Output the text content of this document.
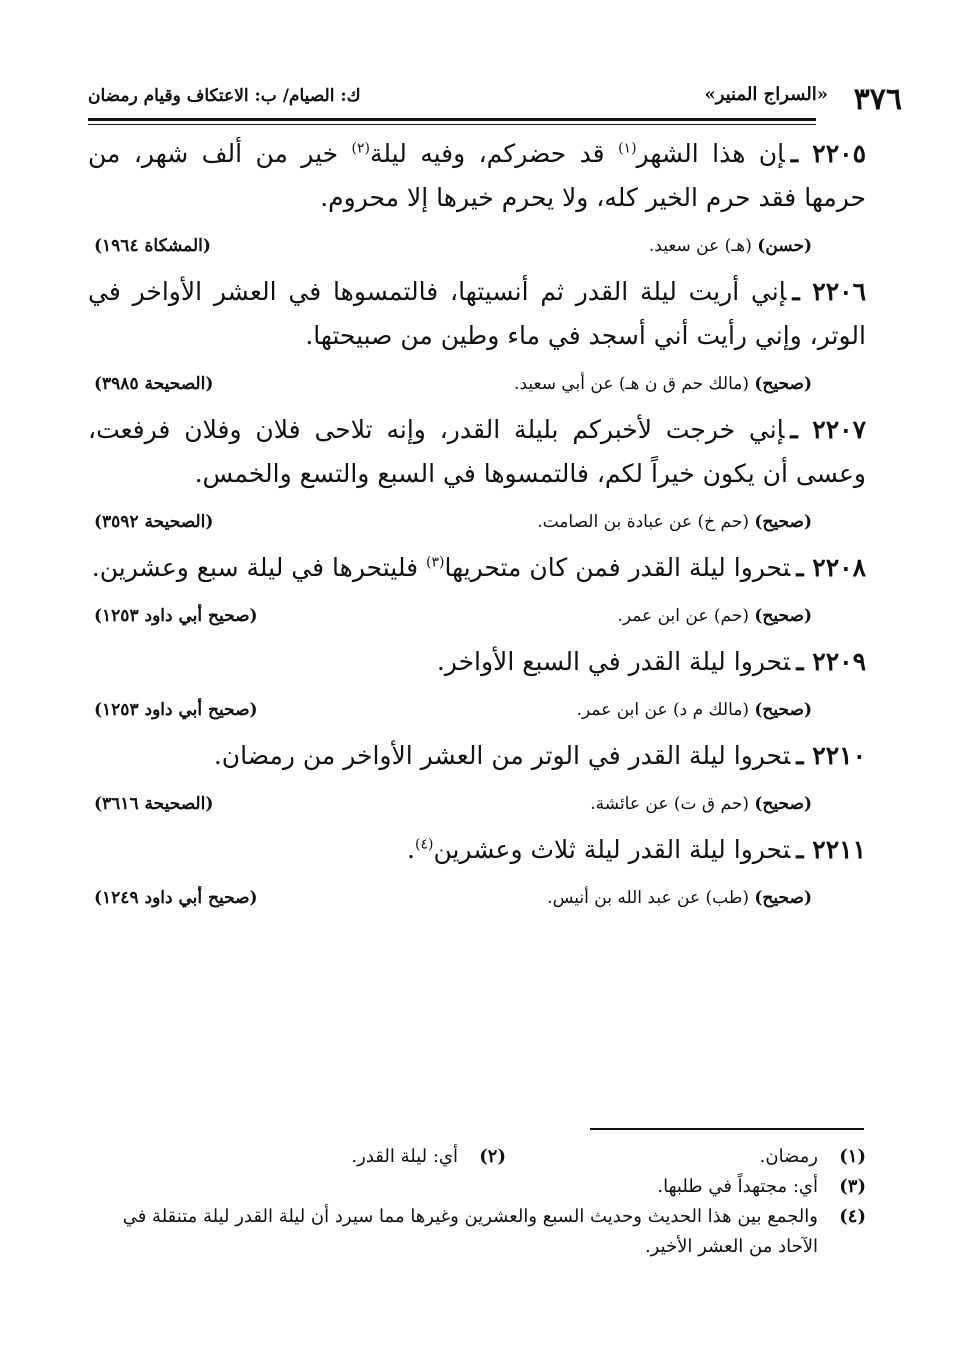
٣٧٦
«السراج المنير»
ك: الصيام/ ب: الاعتكاف وقيام رمضان

٢٢٠٥ ـإن هذا الشهر$^{(١)}$ قد حضركم، وفيه ليلة$^{(٢)}$ خير من ألف شهر، من حرمها فقد حرم الخير كله، ولا يحرم خيرها إلا محروم.

(حسن) (هـ) عن سعيد.
(المشكاة ١٩٦٤)

٢٢٠٦ ـإني أريت ليلة القدر ثم أنسيتها، فالتمسوها في العشر الأواخر في الوتر، وإني رأيت أني أسجد في ماء وطين من صبيحتها.

(صحيح) (مالك حم ق ن هـ) عن أبي سعيد.
(الصحيحة ٣٩٨٥)

٢٢٠٧ ـإني خرجت لأخبركم بليلة القدر، وإنه تلاحى فلان وفلان فرفعت، وعسى أن يكون خيراً لكم، فالتمسوها في السبع والتسع والخمس.

(صحيح) (حم خ) عن عبادة بن الصامت.
(الصحيحة ٣٥٩٢)

٢٢٠٨ ـتحروا ليلة القدر فمن كان متحريها$^{(٣)}$ فليتحرها في ليلة سبع وعشرين.

(صحيح) (حم) عن ابن عمر.
(صحيح أبي داود ١٢٥٣)

٢٢٠٩ ـتحروا ليلة القدر في السبع الأواخر.

(صحيح) (مالك م د) عن ابن عمر.
(صحيح أبي داود ١٢٥٣)

٢٢١٠ ـتحروا ليلة القدر في الوتر من العشر الأواخر من رمضان.

(صحيح) (حم ق ت) عن عائشة.
(الصحيحة ٣٦١٦)

٢٢١١ ـتحروا ليلة القدر ليلة ثلاث وعشرين$^{(٤)}$.

(صحيح) (طب) عن عبد الله بن أنيس.
(صحيح أبي داود ١٢٤٩)
(١)
رمضان.
(٢)
أي: ليلة القدر.
(٣)
أي: مجتهداً في طلبها.
(٤)
والجمع بين هذا الحديث وحديث السبع والعشرين وغيرها مما سيرد أن ليلة القدر ليلة متنقلة في الآحاد من العشر الأخير.
